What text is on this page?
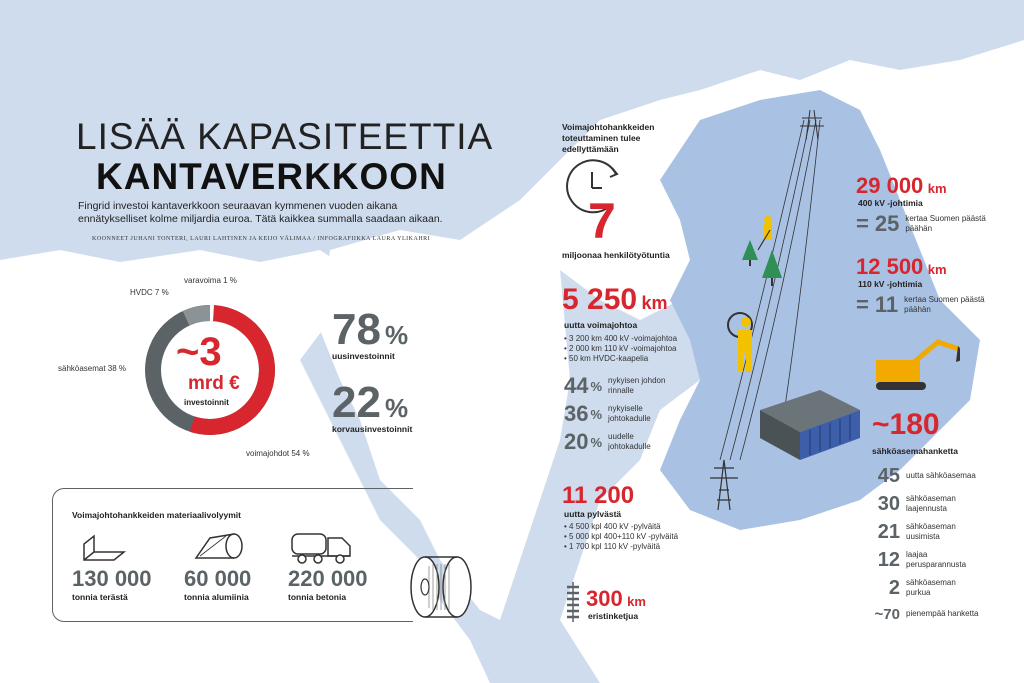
LISÄÄ KAPASITEETTIA
KANTAVERKKOON
Fingrid investoi kantaverkkoon seuraavan kymmenen vuoden aikana ennätykselliset kolme miljardia euroa. Tätä kaikkea summalla saadaan aikaan.
KOONNEET JUHANI TONTERI, LAURI LAHTINEN JA KEIJO VÄLIMAA / INFOGRAFIIKKA LAURA YLIKAHRI
~3
mrd €
investoinnit
varavoima 1 %
HVDC 7 %
sähköasemat 38 %
voimajohdot 54 %
78 %
uusinvestoinnit
22 %
korvausinvestoinnit
Voimajohtohankkeiden materiaalivolyymit
130 000
tonnia terästä
60 000
tonnia alumiinia
220 000
tonnia betonia
Voimajohtohankkeiden toteuttaminen tulee edellyttämään
7
miljoonaa henkilötyötuntia
5 250 km
uutta voimajohtoa
• 3 200 km 400 kV -voimajohtoa
• 2 000 km 110 kV -voimajohtoa
• 50 km HVDC-kaapelia
44 % nykyisen johdon rinnalle
36 % nykyiselle johtokadulle
20 % uudelle johtokadulle
11 200
uutta pylvästä
• 4 500 kpl 400 kV -pylväitä
• 5 000 kpl 400+110 kV -pylväitä
• 1 700 kpl 110 kV -pylväitä
300 km
eristinketjua
29 000 km
400 kV -johtimia
= 25 kertaa Suomen päästä päähän
12 500 km
110 kV -johtimia
= 11 kertaa Suomen päästä päähän
~180
sähköasemahanketta
45 uutta sähköasemaa
30 sähköaseman laajennusta
21 sähköaseman uusimista
12 laajaa perusparannusta
2 sähköaseman purkua
~70 pienempää hanketta
